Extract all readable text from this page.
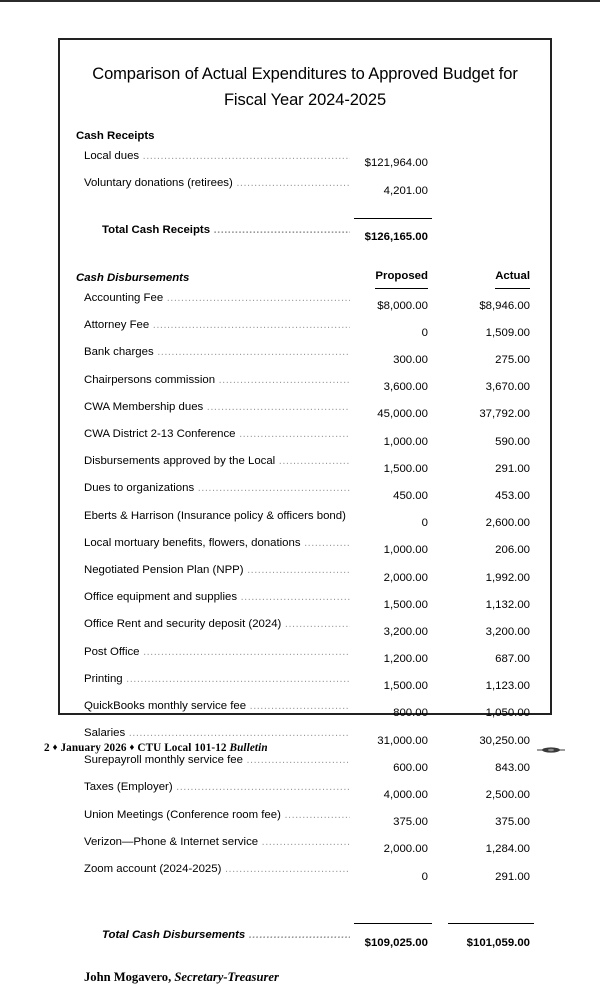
Comparison of Actual Expenditures to Approved Budget for
Fiscal Year 2024-2025
Cash Receipts		
Local dues .....	$121,964.00	
Voluntary donations (retirees) .....	4,201.00	

Total Cash Receipts .....	$126,165.00	

Cash Disbursements	Proposed	Actual
Accounting Fee .....	$8,000.00	$8,946.00
Attorney Fee .....	0	1,509.00
Bank charges .....	300.00	275.00
Chairpersons commission .....	3,600.00	3,670.00
CWA Membership dues .....	45,000.00	37,792.00
CWA District 2-13 Conference .....	1,000.00	590.00
Disbursements approved by the Local .....	1,500.00	291.00
Dues to organizations .....	450.00	453.00
Eberts & Harrison (Insurance policy & officers bond) .....	0	2,600.00
Local mortuary benefits, flowers, donations .....	1,000.00	206.00
Negotiated Pension Plan (NPP) .....	2,000.00	1,992.00
Office equipment and supplies .....	1,500.00	1,132.00
Office Rent and security deposit (2024) .....	3,200.00	3,200.00
Post Office .....	1,200.00	687.00
Printing .....	1,500.00	1,123.00
QuickBooks monthly service fee .....	800.00	1,050.00
Salaries .....	31,000.00	30,250.00
Surepayroll monthly service fee .....	600.00	843.00
Taxes (Employer) .....	4,000.00	2,500.00
Union Meetings (Conference room fee) .....	375.00	375.00
Verizon—Phone & Internet service .....	2,000.00	1,284.00
Zoom account (2024-2025) .....	0	291.00

Total Cash Disbursements .....	$109,025.00	$101,059.00
John Mogavero, Secretary-Treasurer
2 ♦ January 2026 ♦ CTU Local 101-12 Bulletin
